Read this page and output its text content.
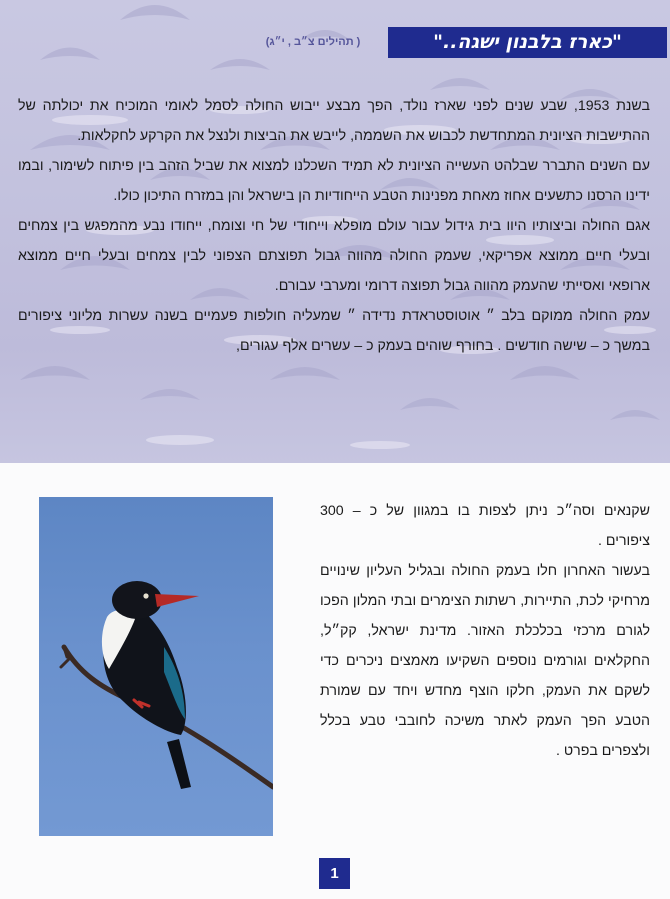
"כארז בלבנון ישגה.."
( תהילים צ״ב , י״ג)

בשנת 1953, שבע שנים לפני שארז נולד, הפך מבצע ייבוש החולה לסמל לאומי המוכיח את יכולתה של ההתישבות הציונית המתחדשת לכבוש את השממה, לייבש את הביצות ולנצל את הקרקע לחקלאות.

עם השנים התברר שבלהט העשייה הציונית לא תמיד השכלנו למצוא את שביל הזהב בין פיתוח לשימור, ובמו ידינו הרסנו כתשעים אחוז מאחת מפנינות הטבע הייחודיות הן בישראל והן במזרח התיכון כולו.

אגם החולה וביצותיו היוו בית גידול עבור עולם מופלא וייחודי של חי וצומח, ייחודו נבע מהמפגש בין צמחים ובעלי חיים ממוצא אפריקאי, שעמק החולה מהווה גבול תפוצתם הצפוני לבין צמחים ובעלי חיים ממוצא ארופאי ואסייתי שהעמק מהווה גבול תפוצה דרומי ומערבי עבורם.

עמק החולה ממוקם בלב ״ אוטוסטראדת נדידה ״ שמעליה חולפות פעמיים בשנה עשרות מליוני ציפורים במשך כ – שישה חודשים . בחורף שוהים בעמק כ – עשרים אלף עגורים,

שקנאים וסה״כ ניתן לצפות בו במגוון של כ – 300 ציפורים .

בעשור האחרון חלו בעמק החולה ובגליל העליון שינויים מרחיקי לכת, התיירות, רשתות הצימרים ובתי המלון הפכו לגורם מרכזי בכלכלת האזור. מדינת ישראל, קק״ל, החקלאים וגורמים נוספים השקיעו מאמצים ניכרים כדי לשקם את העמק, חלקו הוצף מחדש ויחד עם שמורת הטבע הפך העמק לאתר משיכה לחובבי טבע בכלל ולצפרים בפרט .

1
